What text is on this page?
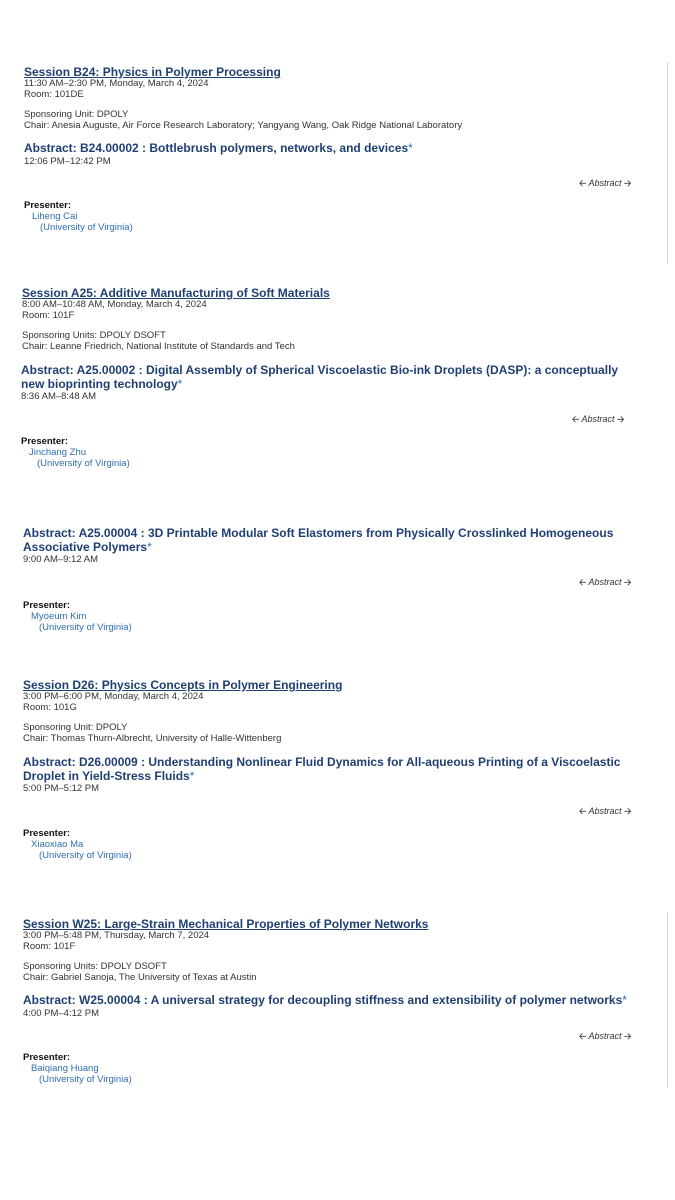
Session B24: Physics in Polymer Processing
11:30 AM–2:30 PM, Monday, March 4, 2024
Room: 101DE
Sponsoring Unit: DPOLY
Chair: Anesia Auguste, Air Force Research Laboratory; Yangyang Wang, Oak Ridge National Laboratory
Abstract: B24.00002 : Bottlebrush polymers, networks, and devices*
12:06 PM–12:42 PM
🡠 Abstract 🡢
Presenter:
Liheng Cai
(University of Virginia)
Session A25: Additive Manufacturing of Soft Materials
8:00 AM–10:48 AM, Monday, March 4, 2024
Room: 101F
Sponsoring Units: DPOLY DSOFT
Chair: Leanne Friedrich, National Institute of Standards and Tech
Abstract: A25.00002 : Digital Assembly of Spherical Viscoelastic Bio-ink Droplets (DASP): a conceptually new bioprinting technology*
8:36 AM–8:48 AM
🡠 Abstract 🡢
Presenter:
Jinchang Zhu
(University of Virginia)
Abstract: A25.00004 : 3D Printable Modular Soft Elastomers from Physically Crosslinked Homogeneous Associative Polymers*
9:00 AM–9:12 AM
🡠 Abstract 🡢
Presenter:
Myoeum Kim
(University of Virginia)
Session D26: Physics Concepts in Polymer Engineering
3:00 PM–6:00 PM, Monday, March 4, 2024
Room: 101G
Sponsoring Unit: DPOLY
Chair: Thomas Thurn-Albrecht, University of Halle-Wittenberg
Abstract: D26.00009 : Understanding Nonlinear Fluid Dynamics for All-aqueous Printing of a Viscoelastic Droplet in Yield-Stress Fluids*
5:00 PM–5:12 PM
🡠 Abstract 🡢
Presenter:
Xiaoxiao Ma
(University of Virginia)
Session W25: Large-Strain Mechanical Properties of Polymer Networks
3:00 PM–5:48 PM, Thursday, March 7, 2024
Room: 101F
Sponsoring Units: DPOLY DSOFT
Chair: Gabriel Sanoja, The University of Texas at Austin
Abstract: W25.00004 : A universal strategy for decoupling stiffness and extensibility of polymer networks*
4:00 PM–4:12 PM
🡠 Abstract 🡢
Presenter:
Baiqiang Huang
(University of Virginia)
